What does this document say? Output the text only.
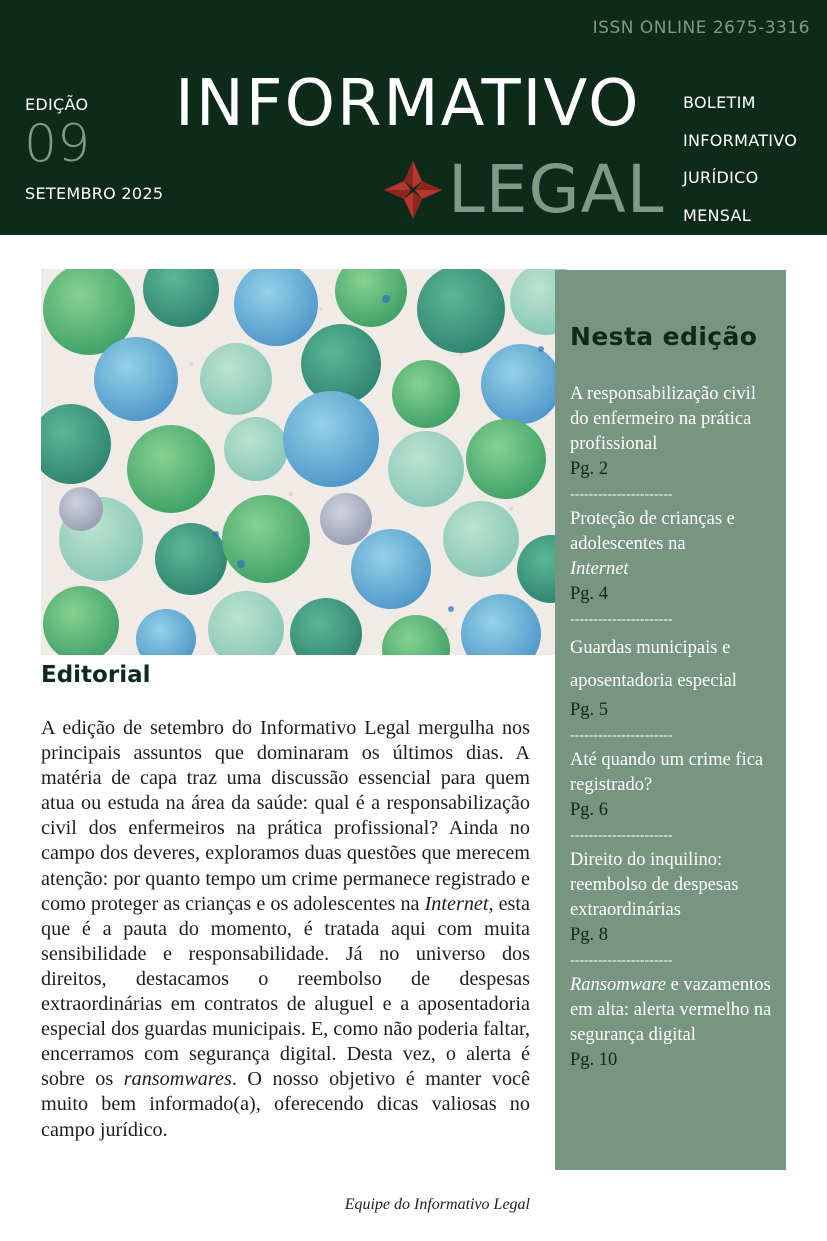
ISSN ONLINE 2675-3316
EDIÇÃO
09
SETEMBRO 2025
INFORMATIVO
LEGAL
BOLETIM
INFORMATIVO
JURÍDICO
MENSAL
Editorial

A edição de setembro do Informativo Legal mergulha nos principais assuntos que dominaram os últimos dias. A matéria de capa traz uma discussão essencial para quem atua ou estuda na área da saúde: qual é a responsabilização civil dos enfermeiros na prática profissional? Ainda no campo dos deveres, exploramos duas questões que merecem atenção: por quanto tempo um crime permanece registrado e como proteger as crianças e os adolescentes na Internet, esta que é a pauta do momento, é tratada aqui com muita sensibilidade e responsabilidade. Já no universo dos direitos, destacamos o reembolso de despesas extraordinárias em contratos de aluguel e a aposentadoria especial dos guardas municipais. E, como não poderia faltar, encerramos com segurança digital. Desta vez, o alerta é sobre os ransomwares. O nosso objetivo é manter você muito bem informado(a), oferecendo dicas valiosas no campo jurídico.

Equipe do Informativo Legal
Nesta edição
A responsabilização civil do enfermeiro na prática profissional
Pg. 2
----------------------
Proteção de crianças e adolescentes na
Internet
Pg. 4
----------------------
Guardas municipais e aposentadoria especial
Pg. 5
----------------------
Até quando um crime fica registrado?
Pg. 6
----------------------
Direito do inquilino: reembolso de despesas extraordinárias
Pg. 8
----------------------
Ransomware e vazamentos em alta: alerta vermelho na segurança digital
Pg. 10
